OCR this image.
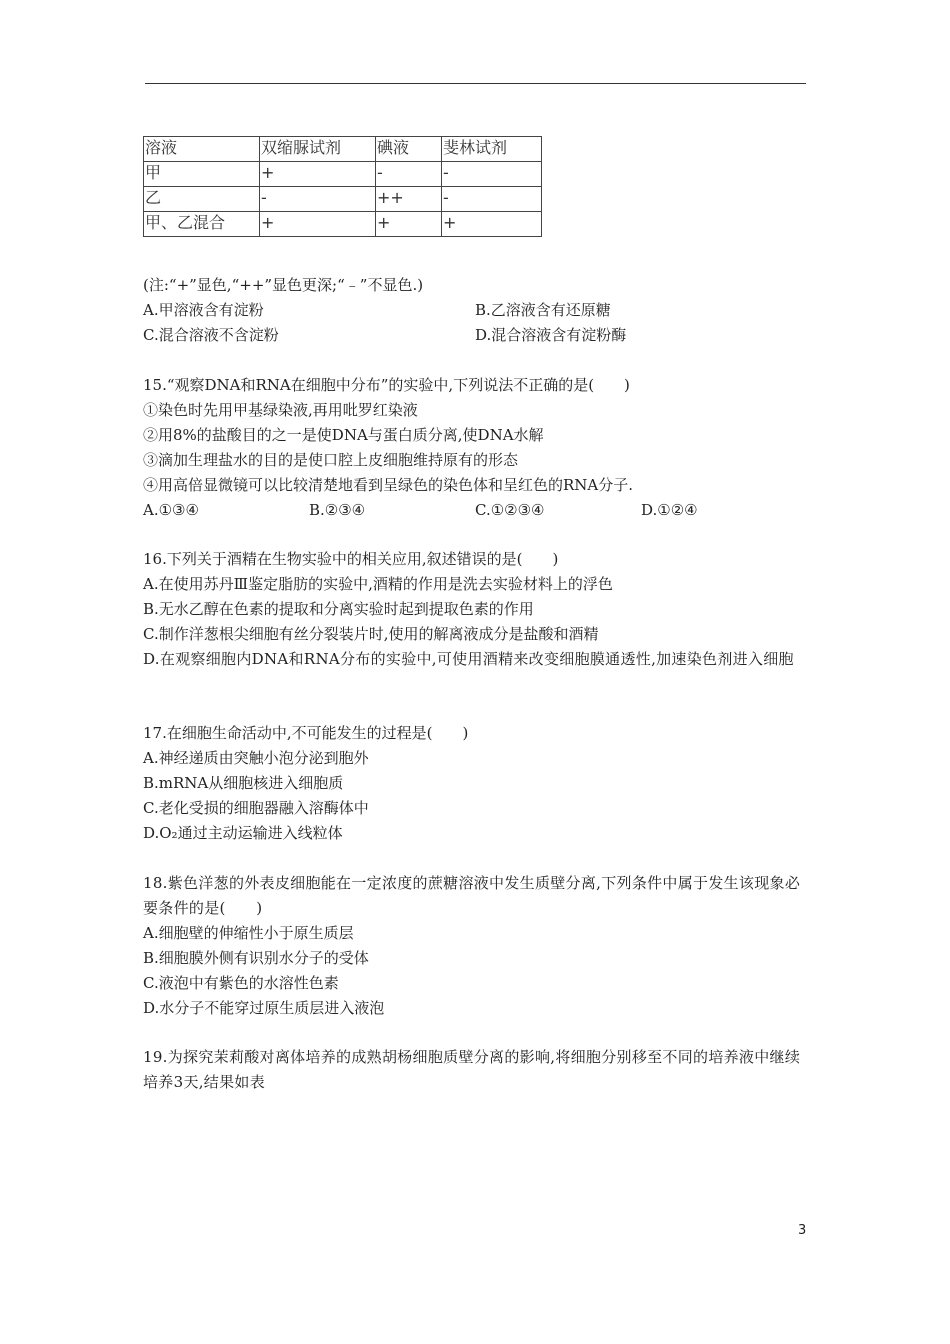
溶液	双缩脲试剂	碘液	斐林试剂
甲	+	-	-
乙	-	++	-
甲、乙混合	+	+	+
(注:“+”显色,“++”显色更深;“﹣”不显色.)
A.甲溶液含有淀粉	B.乙溶液含有还原糖
C.混合溶液不含淀粉	D.混合溶液含有淀粉酶
15.“观察DNA和RNA在细胞中分布”的实验中,下列说法不正确的是(　　)
①染色时先用甲基绿染液,再用吡罗红染液
②用8%的盐酸目的之一是使DNA与蛋白质分离,使DNA水解
③滴加生理盐水的目的是使口腔上皮细胞维持原有的形态
④用高倍显微镜可以比较清楚地看到呈绿色的染色体和呈红色的RNA分子.
A.①③④	B.②③④	C.①②③④	D.①②④
16.下列关于酒精在生物实验中的相关应用,叙述错误的是(　　)
A.在使用苏丹Ⅲ鉴定脂肪的实验中,酒精的作用是洗去实验材料上的浮色
B.无水乙醇在色素的提取和分离实验时起到提取色素的作用
C.制作洋葱根尖细胞有丝分裂装片时,使用的解离液成分是盐酸和酒精
D.在观察细胞内DNA和RNA分布的实验中,可使用酒精来改变细胞膜通透性,加速染色剂进入细胞
17.在细胞生命活动中,不可能发生的过程是(　　)
A.神经递质由突触小泡分泌到胞外
B.mRNA从细胞核进入细胞质
C.老化受损的细胞器融入溶酶体中
D.O₂通过主动运输进入线粒体
18.紫色洋葱的外表皮细胞能在一定浓度的蔗糖溶液中发生质壁分离,下列条件中属于发生该现象必要条件的是(　　)
A.细胞壁的伸缩性小于原生质层
B.细胞膜外侧有识别水分子的受体
C.液泡中有紫色的水溶性色素
D.水分子不能穿过原生质层进入液泡
19.为探究茉莉酸对离体培养的成熟胡杨细胞质壁分离的影响,将细胞分别移至不同的培养液中继续培养3天,结果如表
3
